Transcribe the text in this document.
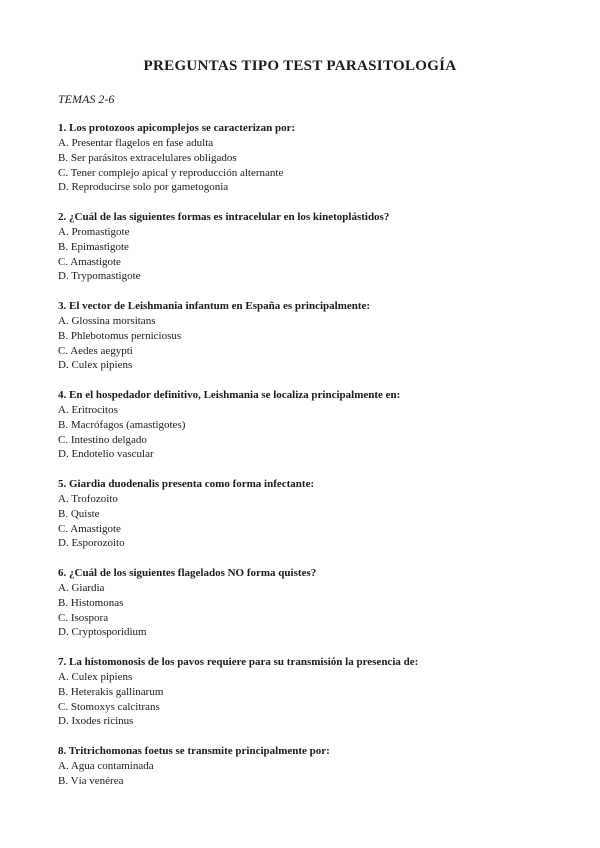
PREGUNTAS TIPO TEST PARASITOLOGÍA

TEMAS 2-6

1. Los protozoos apicomplejos se caracterizan por:

A. Presentar flagelos en fase adulta
B. Ser parásitos extracelulares obligados
C. Tener complejo apical y reproducción alternante
D. Reproducirse solo por gametogonia

2. ¿Cuál de las siguientes formas es intracelular en los kinetoplástidos?

A. Promastigote
B. Epimastigote
C. Amastigote
D. Trypomastigote

3. El vector de Leishmania infantum en España es principalmente:

A. Glossina morsitans
B. Phlebotomus perniciosus
C. Aedes aegypti
D. Culex pipiens

4. En el hospedador definitivo, Leishmania se localiza principalmente en:

A. Eritrocitos
B. Macrófagos (amastigotes)
C. Intestino delgado
D. Endotelio vascular

5. Giardia duodenalis presenta como forma infectante:

A. Trofozoito
B. Quiste
C. Amastigote
D. Esporozoito

6. ¿Cuál de los siguientes flagelados NO forma quistes?

A. Giardia
B. Histomonas
C. Isospora
D. Cryptosporidium

7. La histomonosis de los pavos requiere para su transmisión la presencia de:

A. Culex pipiens
B. Heterakis gallinarum
C. Stomoxys calcitrans
D. Ixodes ricinus

8. Tritrichomonas foetus se transmite principalmente por:

A. Agua contaminada
B. Vía venérea
